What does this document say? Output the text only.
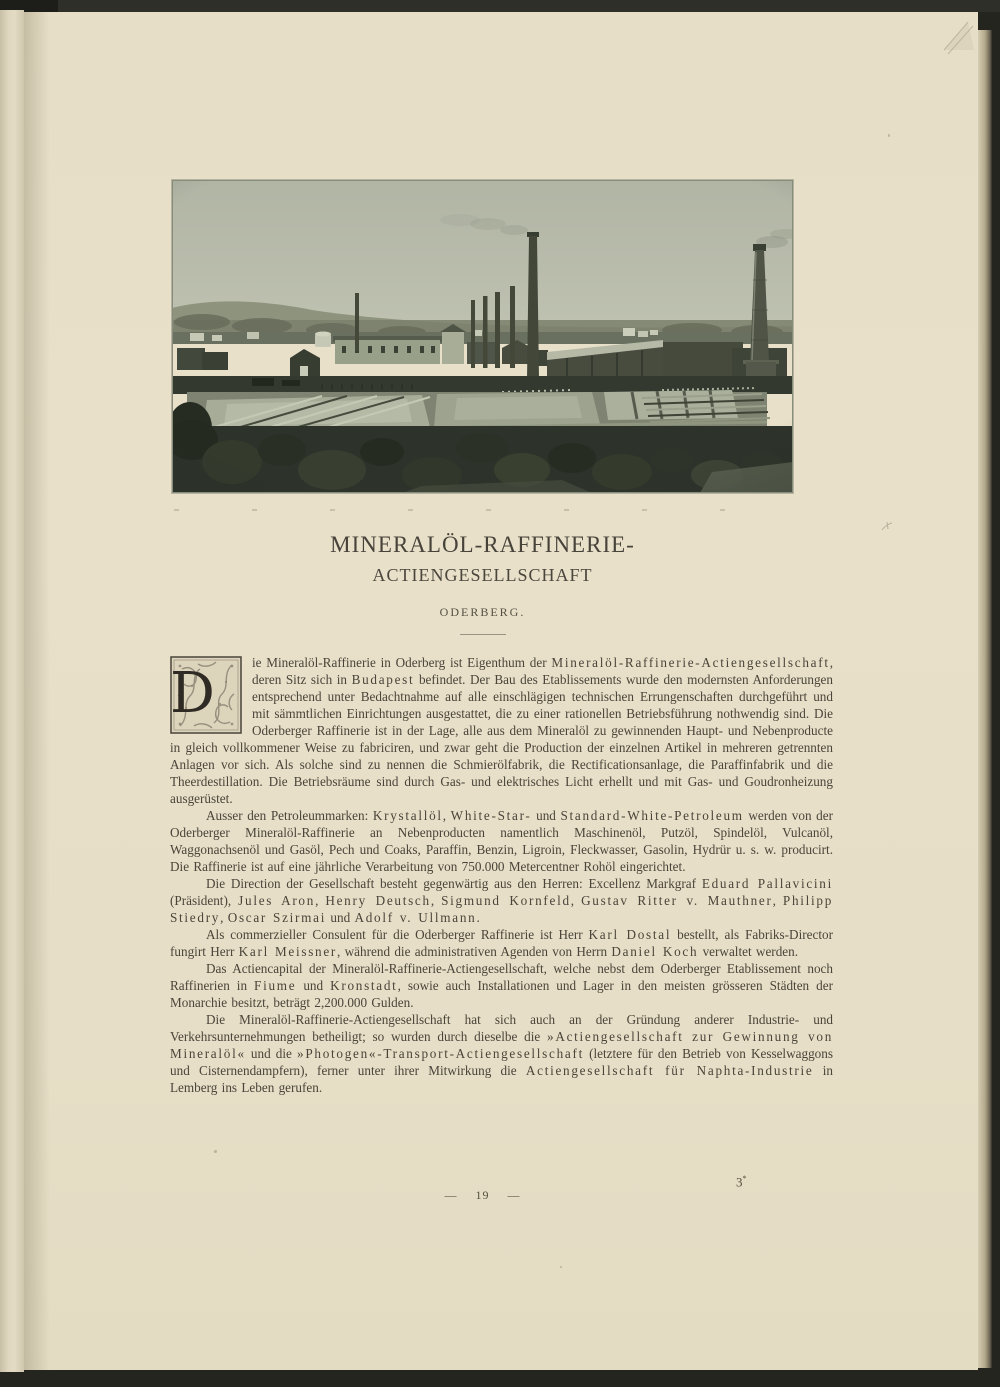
MINERALÖL-RAFFINERIE-
ACTIENGESELLSCHAFT
ODERBERG.
D	ie Mineralöl-Raffinerie in Oderberg ist Eigenthum der Mineralöl-Raffinerie-Actiengesellschaft, deren Sitz sich in Budapest befindet. Der Bau des Etablissements wurde den modernsten Anforderungen entsprechend unter Bedachtnahme auf alle einschlägigen technischen Errungenschaften durchgeführt und mit sämmtlichen Einrichtungen ausgestattet, die zu einer rationellen Betriebsführung nothwendig sind. Die Oderberger Raffinerie ist in der Lage, alle aus dem Mineralöl zu gewinnenden Haupt- und Nebenproducte in gleich vollkommener Weise zu fabriciren, und zwar geht die Production der einzelnen Artikel in mehreren getrennten Anlagen vor sich. Als solche sind zu nennen die Schmierölfabrik, die Rectificationsanlage, die Paraffinfabrik und die Theerdestillation. Die Betriebsräume sind durch Gas- und elektrisches Licht erhellt und mit Gas- und Goudronheizung ausgerüstet.

Ausser den Petroleummarken: Krystallöl, White-Star- und Standard-White-Petroleum werden von der Oderberger Mineralöl-Raffinerie an Nebenproducten namentlich Maschinenöl, Putzöl, Spindelöl, Vulcanöl, Waggonachsenöl und Gasöl, Pech und Coaks, Paraffin, Benzin, Ligroin, Fleckwasser, Gasolin, Hydrür u. s. w. producirt. Die Raffinerie ist auf eine jährliche Verarbeitung von 750.000 Metercentner Rohöl eingerichtet.

Die Direction der Gesellschaft besteht gegenwärtig aus den Herren: Excellenz Markgraf Eduard Pallavicini (Präsident), Jules Aron, Henry Deutsch, Sigmund Kornfeld, Gustav Ritter v. Mauthner, Philipp Stiedry, Oscar Szirmai und Adolf v. Ullmann.

Als commerzieller Consulent für die Oderberger Raffinerie ist Herr Karl Dostal bestellt, als Fabriks-Director fungirt Herr Karl Meissner, während die administrativen Agenden von Herrn Daniel Koch verwaltet werden.

Das Actiencapital der Mineralöl-Raffinerie-Actiengesellschaft, welche nebst dem Oderberger Etablissement noch Raffinerien in Fiume und Kronstadt, sowie auch Installationen und Lager in den meisten grösseren Städten der Monarchie besitzt, beträgt 2,200.000 Gulden.

Die Mineralöl-Raffinerie-Actiengesellschaft hat sich auch an der Gründung anderer Industrie- und Verkehrsunternehmungen betheiligt; so wurden durch dieselbe die »Actiengesellschaft zur Gewinnung von Mineralöl« und die »Photogen«-Transport-Actiengesellschaft (letztere für den Betrieb von Kesselwaggons und Cisternendampfern), ferner unter ihrer Mitwirkung die Actiengesellschaft für Naphta-Industrie in Lemberg ins Leben gerufen.

— 19 —
3*
